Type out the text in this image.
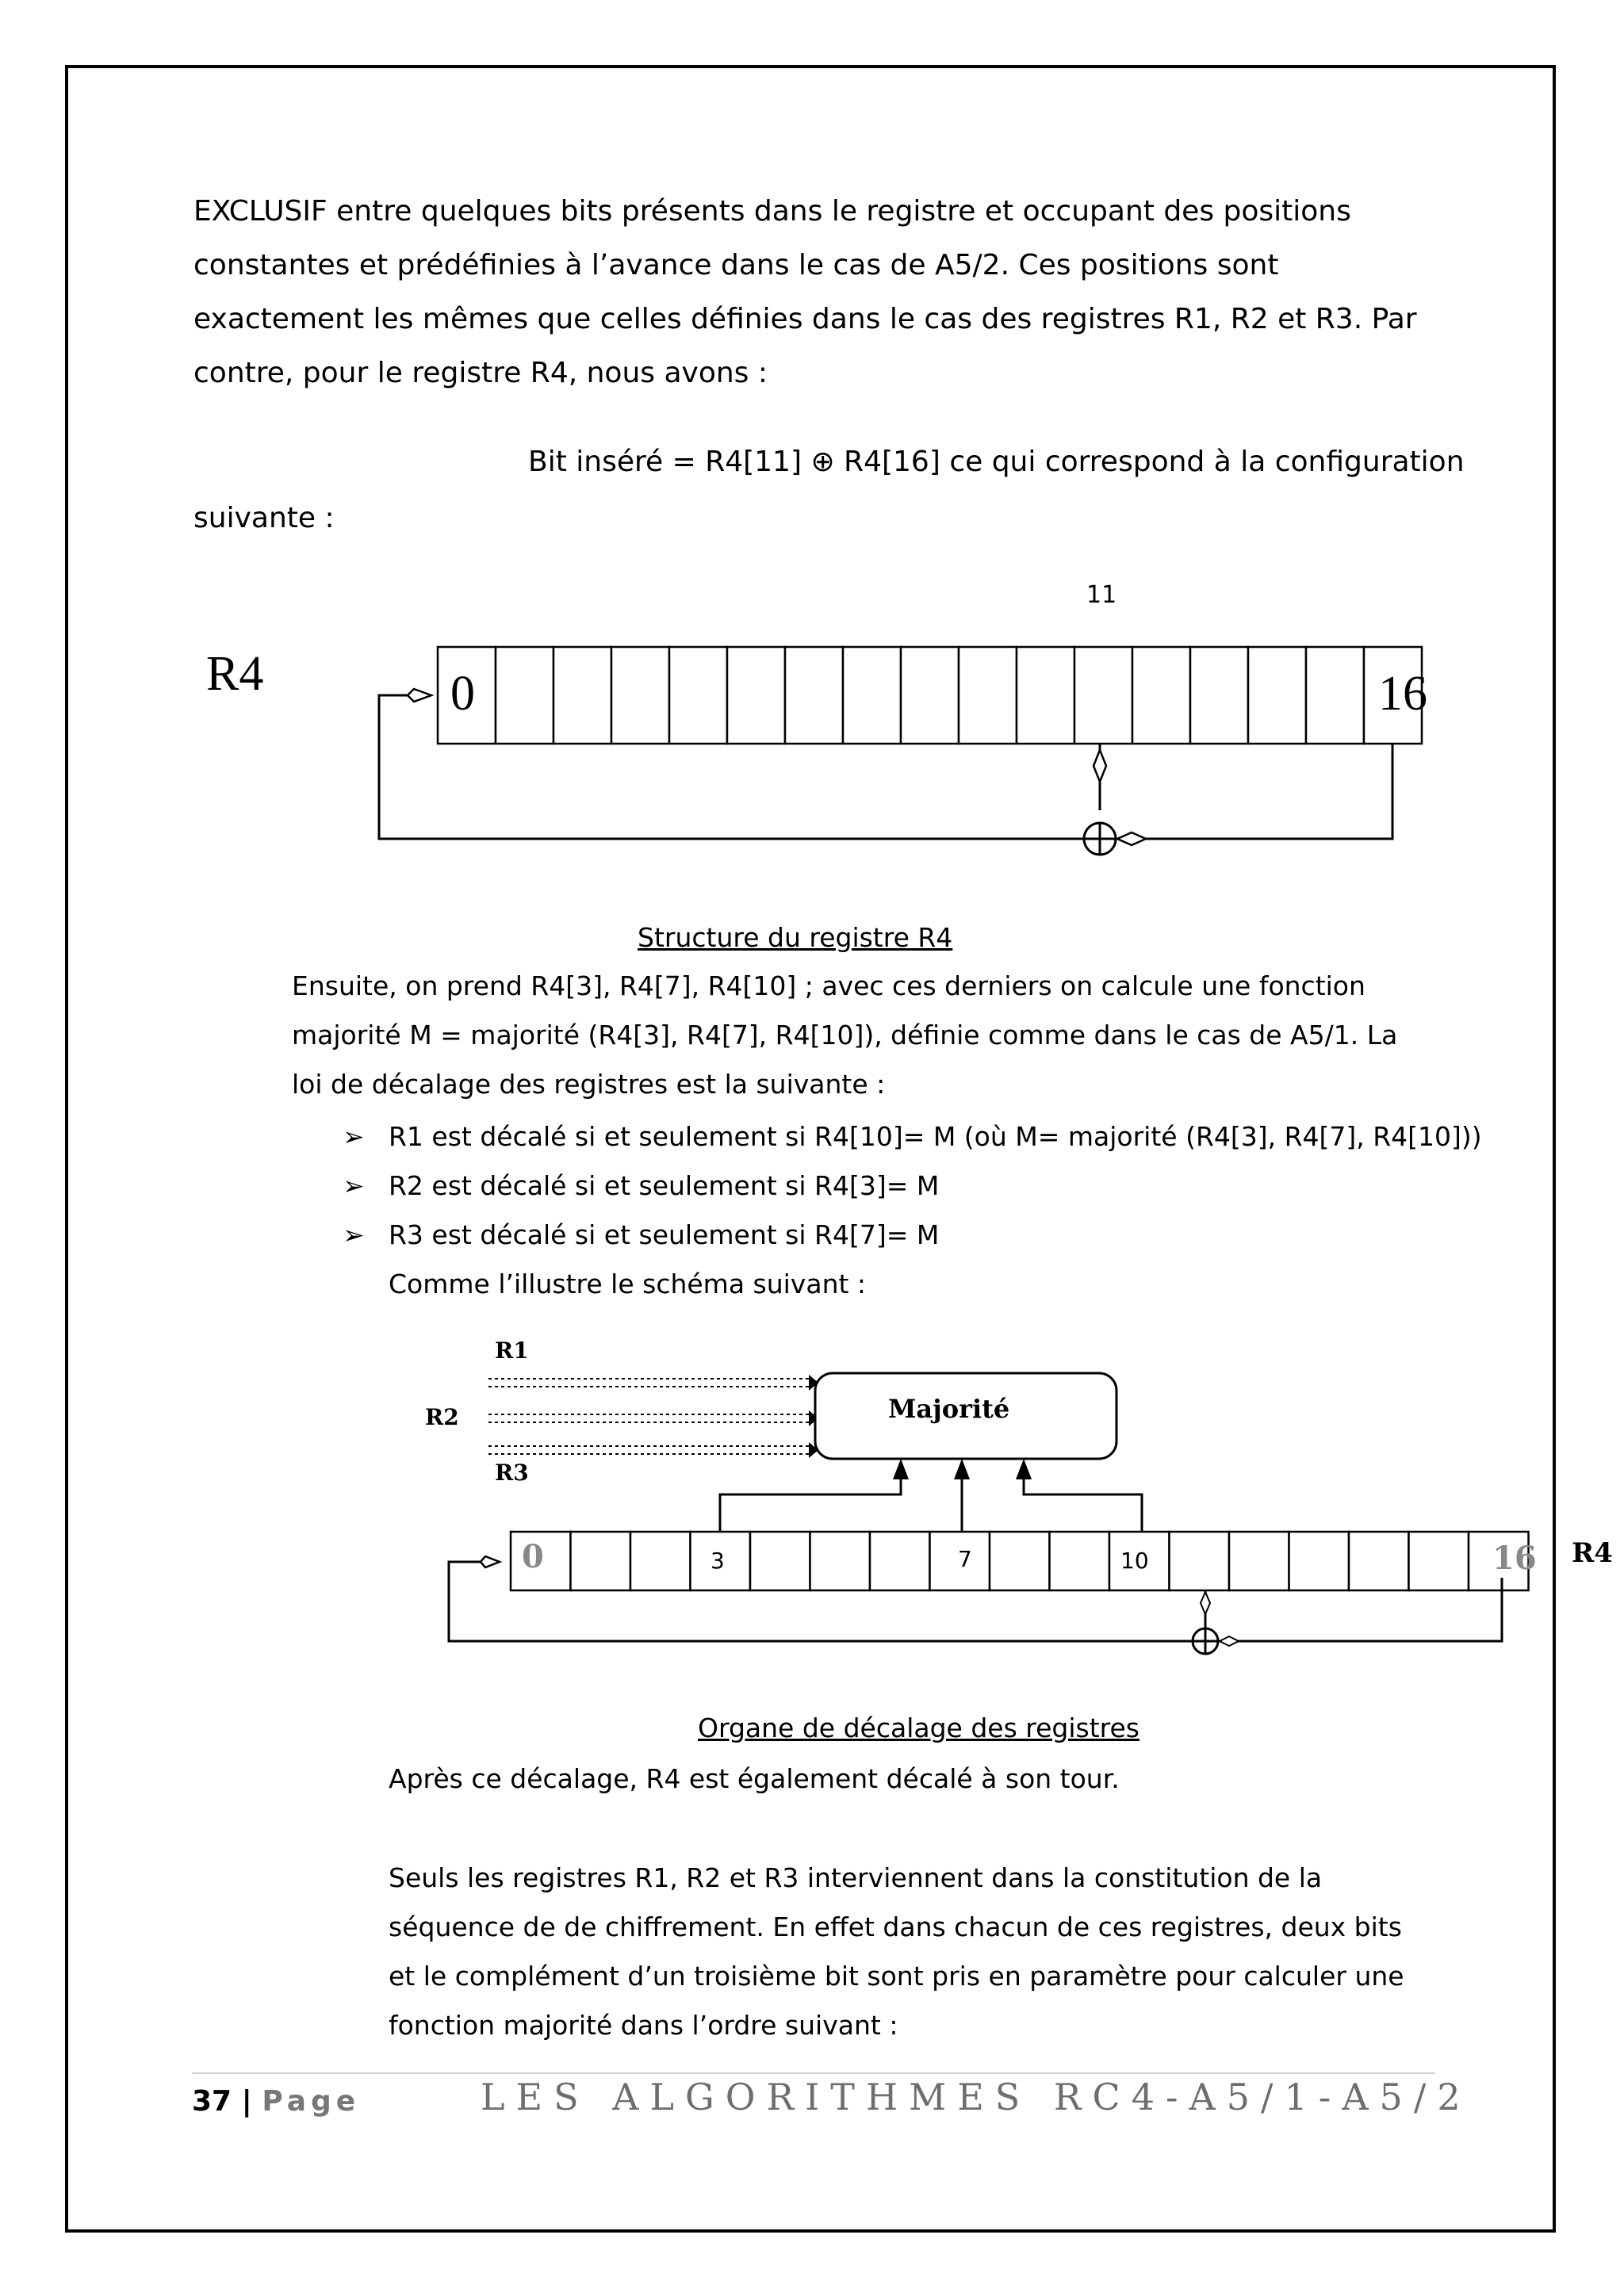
EXCLUSIF entre quelques bits présents dans le registre et occupant des positions constantes et prédéfinies à l’avance dans le cas de A5/2. Ces positions sont exactement les mêmes que celles définies dans le cas des registres R1, R2 et R3. Par contre, pour le registre R4, nous avons :
Bit inséré = R4[11] ⊕ R4[16] ce qui correspond à la configuration
suivante :
R4
11
0	16
Structure du registre R4
Ensuite, on prend R4[3], R4[7], R4[10] ; avec ces derniers on calcule une fonction majorité M = majorité (R4[3], R4[7], R4[10]), définie comme dans le cas de A5/1. La loi de décalage des registres est la suivante :
➢ R1 est décalé si et seulement si R4[10]= M (où M= majorité (R4[3], R4[7], R4[10]))
➢ R2 est décalé si et seulement si R4[3]= M
➢ R3 est décalé si et seulement si R4[7]= M
Comme l’illustre le schéma suivant :
R1
R2
R3
Majorité
0	3	7	10	16 R4
Organe de décalage des registres
Après ce décalage, R4 est également décalé à son tour.
Seuls les registres R1, R2 et R3 interviennent dans la constitution de la séquence de de chiffrement. En effet dans chacun de ces registres, deux bits et le complément d’un troisième bit sont pris en paramètre pour calculer une fonction majorité dans l’ordre suivant :
37 | Page	LES ALGORITHMES RC4-A5/1-A5/2
